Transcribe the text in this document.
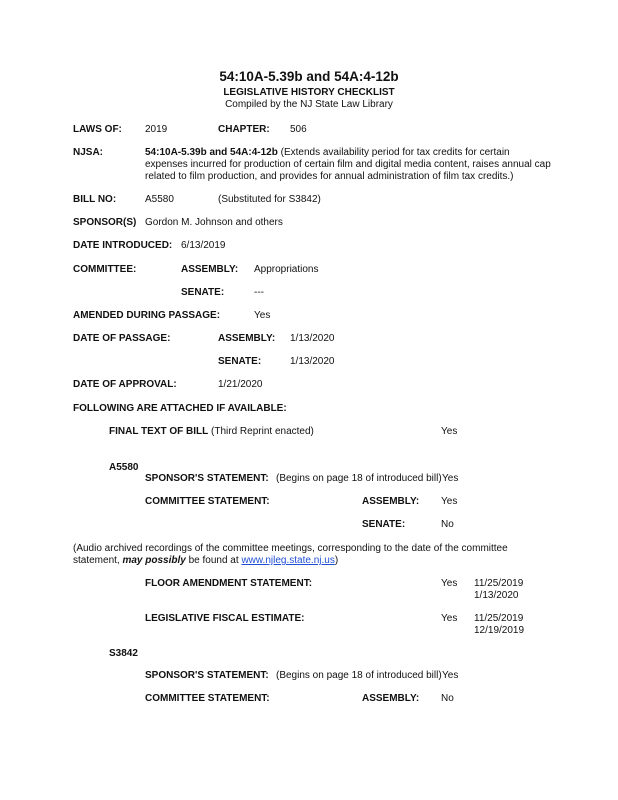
54:10A-5.39b and 54A:4-12b
LEGISLATIVE HISTORY CHECKLIST
Compiled by the NJ State Law Library
LAWS OF: 2019	CHAPTER: 506
NJSA:	54:10A-5.39b and 54A:4-12b (Extends availability period for tax credits for certain
expenses incurred for production of certain film and digital media content, raises annual cap
related to film production, and provides for annual administration of film tax credits.)
BILL NO:	A5580	(Substituted for S3842)
SPONSOR(S) Gordon M. Johnson and others
DATE INTRODUCED: 6/13/2019
COMMITTEE:	ASSEMBLY: Appropriations
SENATE:	---
AMENDED DURING PASSAGE:	Yes
DATE OF PASSAGE:	ASSEMBLY: 1/13/2020
SENATE:	1/13/2020
DATE OF APPROVAL:	1/21/2020
FOLLOWING ARE ATTACHED IF AVAILABLE:
FINAL TEXT OF BILL (Third Reprint enacted)	Yes
A5580
SPONSOR'S STATEMENT: (Begins on page 18 of introduced bill) Yes
COMMITTEE STATEMENT:	ASSEMBLY: Yes
SENATE:	No
(Audio archived recordings of the committee meetings, corresponding to the date of the committee
statement, may possibly be found at www.njleg.state.nj.us)
FLOOR AMENDMENT STATEMENT:	Yes 11/25/2019
1/13/2020
LEGISLATIVE FISCAL ESTIMATE:	Yes 11/25/2019
12/19/2019
S3842
SPONSOR'S STATEMENT: (Begins on page 18 of introduced bill) Yes
COMMITTEE STATEMENT:	ASSEMBLY: No
